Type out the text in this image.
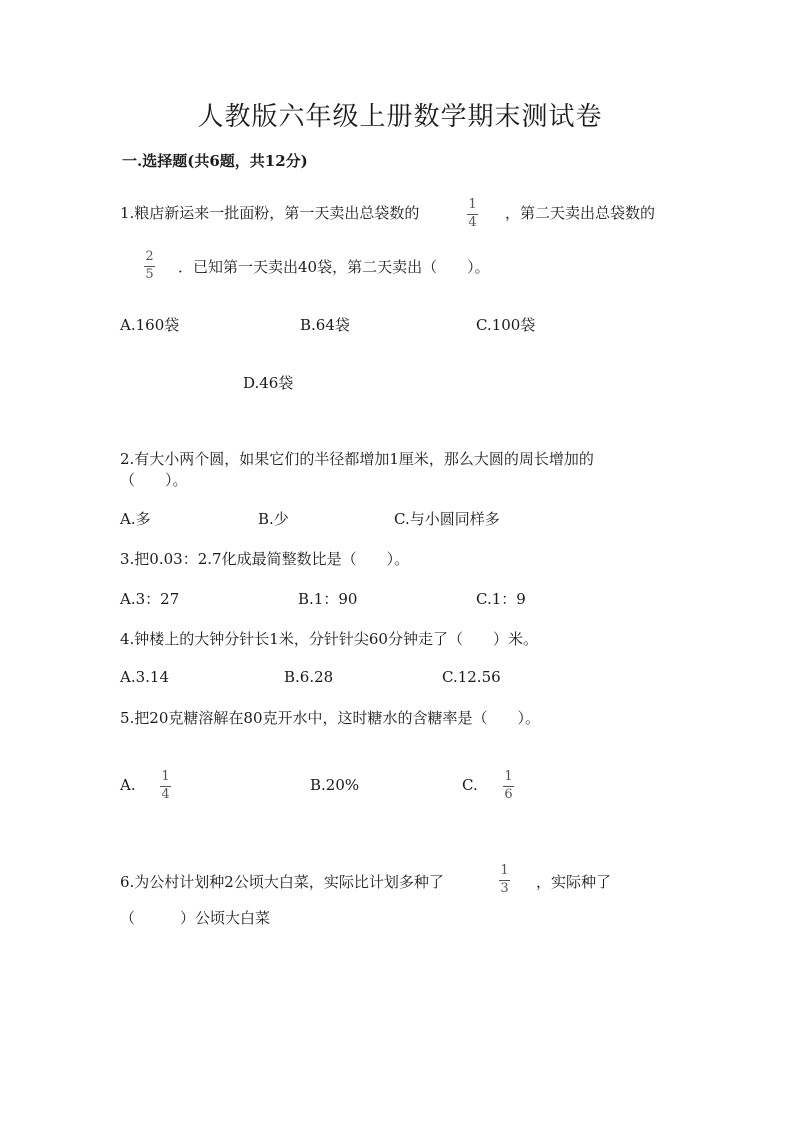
人教版六年级上册数学期末测试卷
一.选择题(共6题，共12分)
1.粮店新运来一批面粉，第一天卖出总袋数的	1
4
，第二天卖出总袋数的
2
5 ．已知第一天卖出40袋，第二天卖出（　　）。
A.160袋	B.64袋	C.100袋
D.46袋
2.有大小两个圆，如果它们的半径都增加1厘米，那么大圆的周长增加的
（　　）。
A.多	B.少	C.与小圆同样多
3.把0.03：2.7化成最简整数比是（　　）。
A.3：27	B.1：90	C.1：9
4.钟楼上的大钟分针长1米，分针针尖60分钟走了（　　）米。
A.3.14	B.6.28	C.12.56
5.把20克糖溶解在80克开水中，这时糖水的含糖率是（　　）。
A. 1
4
B.20%	C. 1
6
6.为公村计划种2公顷大白菜，实际比计划多种了
1
3 ，实际种了
（　　　）公顷大白菜
